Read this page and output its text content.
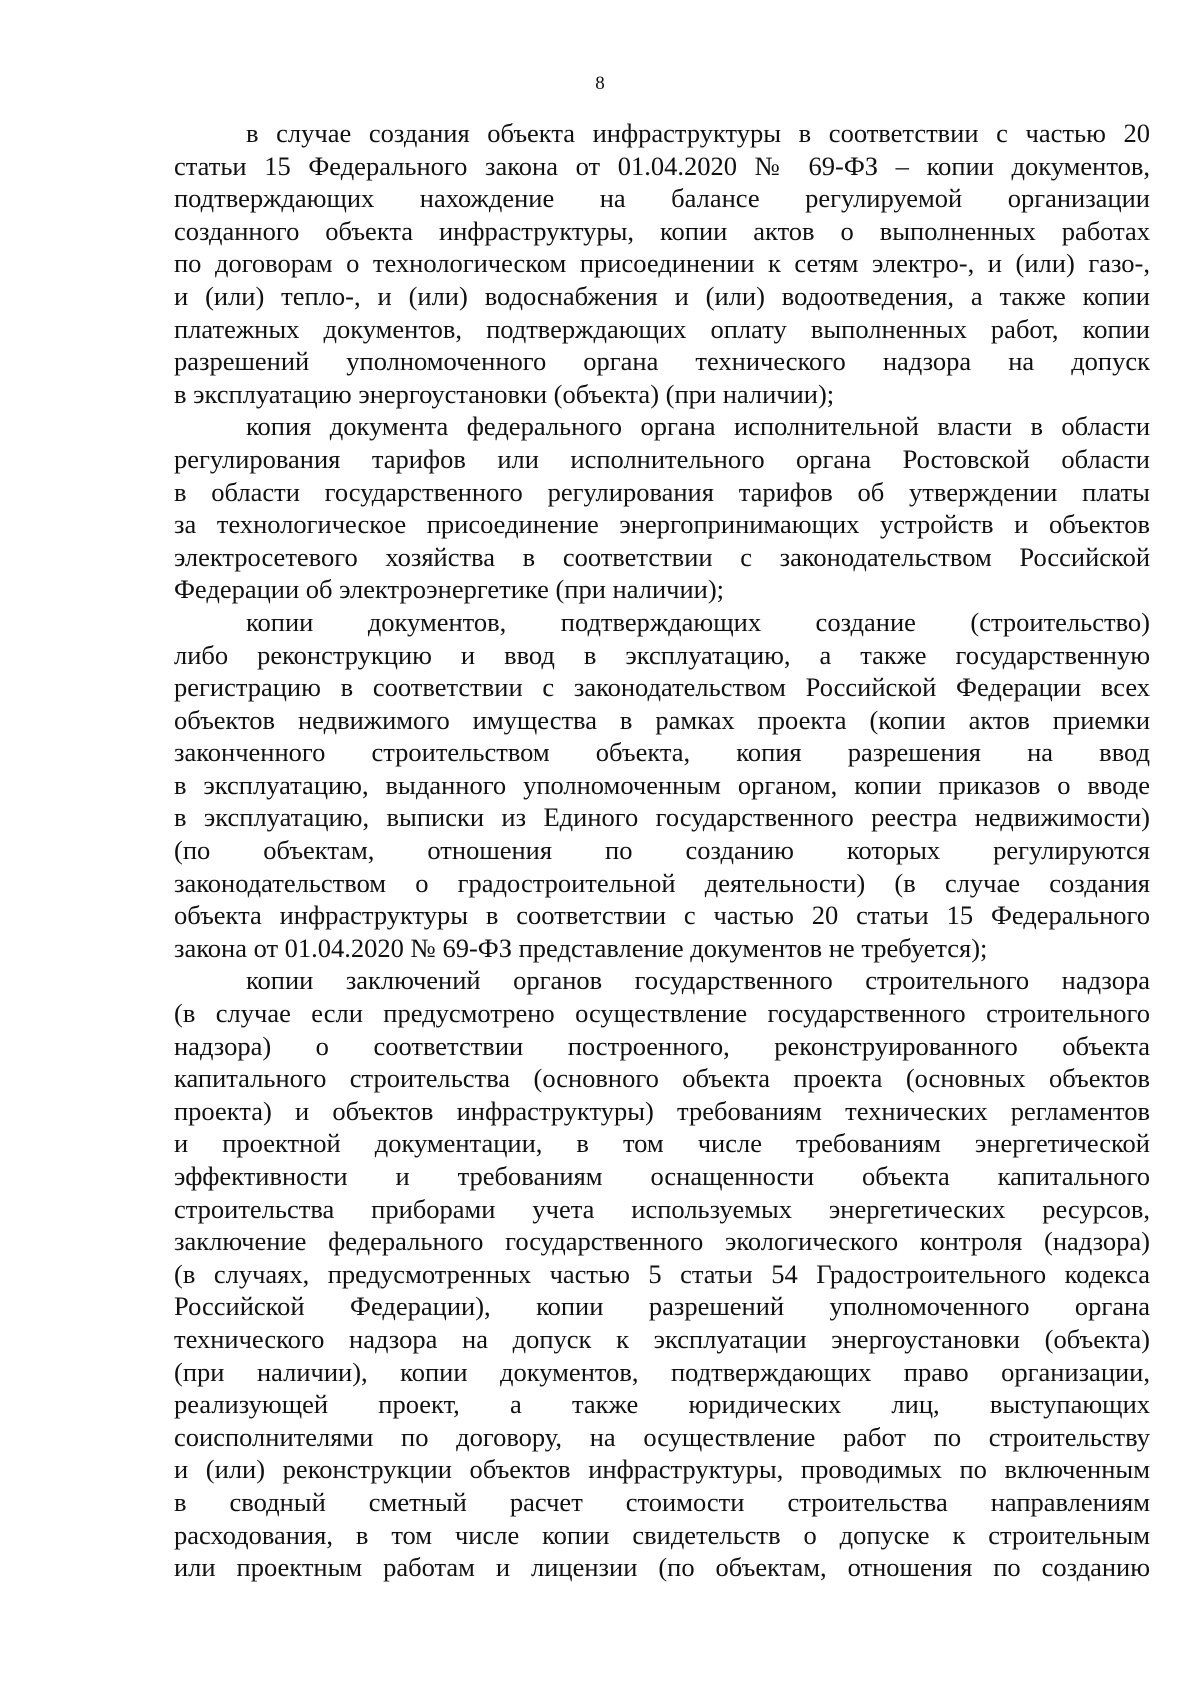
8
в случае создания объекта инфраструктуры в соответствии с частью 20
статьи 15 Федерального закона от 01.04.2020 № 69-ФЗ – копии документов,
подтверждающих нахождение на балансе регулируемой организации
созданного объекта инфраструктуры, копии актов о выполненных работах
по договорам о технологическом присоединении к сетям электро-, и (или) газо-,
и (или) тепло-, и (или) водоснабжения и (или) водоотведения, а также копии
платежных документов, подтверждающих оплату выполненных работ, копии
разрешений уполномоченного органа технического надзора на допуск
в эксплуатацию энергоустановки (объекта) (при наличии);
копия документа федерального органа исполнительной власти в области
регулирования тарифов или исполнительного органа Ростовской области
в области государственного регулирования тарифов об утверждении платы
за технологическое присоединение энергопринимающих устройств и объектов
электросетевого хозяйства в соответствии с законодательством Российской
Федерации об электроэнергетике (при наличии);
копии документов, подтверждающих создание (строительство)
либо реконструкцию и ввод в эксплуатацию, а также государственную
регистрацию в соответствии с законодательством Российской Федерации всех
объектов недвижимого имущества в рамках проекта (копии актов приемки
законченного строительством объекта, копия разрешения на ввод
в эксплуатацию, выданного уполномоченным органом, копии приказов о вводе
в эксплуатацию, выписки из Единого государственного реестра недвижимости)
(по объектам, отношения по созданию которых регулируются
законодательством о градостроительной деятельности) (в случае создания
объекта инфраструктуры в соответствии с частью 20 статьи 15 Федерального
закона от 01.04.2020 № 69-ФЗ представление документов не требуется);
копии заключений органов государственного строительного надзора
(в случае если предусмотрено осуществление государственного строительного
надзора) о соответствии построенного, реконструированного объекта
капитального строительства (основного объекта проекта (основных объектов
проекта) и объектов инфраструктуры) требованиям технических регламентов
и проектной документации, в том числе требованиям энергетической
эффективности и требованиям оснащенности объекта капитального
строительства приборами учета используемых энергетических ресурсов,
заключение федерального государственного экологического контроля (надзора)
(в случаях, предусмотренных частью 5 статьи 54 Градостроительного кодекса
Российской Федерации), копии разрешений уполномоченного органа
технического надзора на допуск к эксплуатации энергоустановки (объекта)
(при наличии), копии документов, подтверждающих право организации,
реализующей проект, а также юридических лиц, выступающих
соисполнителями по договору, на осуществление работ по строительству
и (или) реконструкции объектов инфраструктуры, проводимых по включенным
в сводный сметный расчет стоимости строительства направлениям
расходования, в том числе копии свидетельств о допуске к строительным
или проектным работам и лицензии (по объектам, отношения по созданию
